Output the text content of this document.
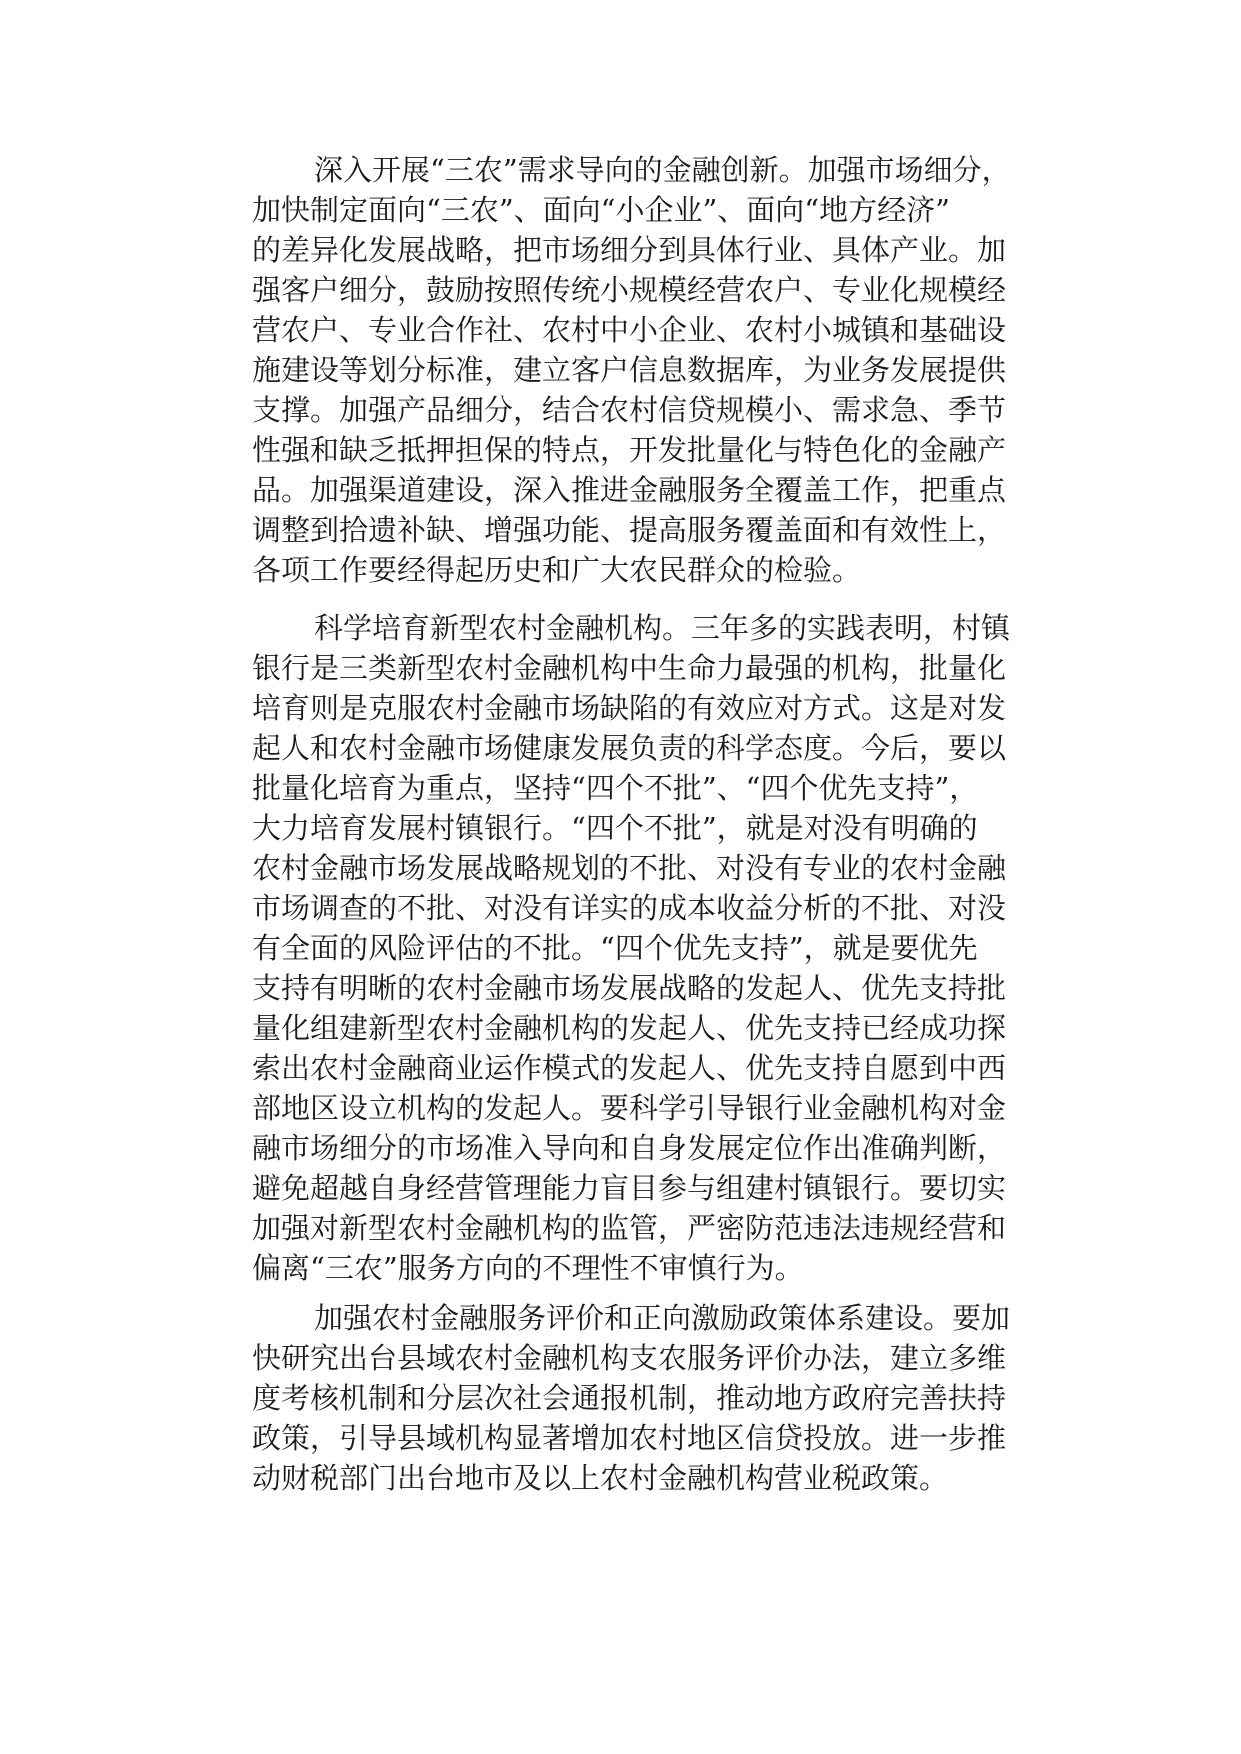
深入开展“三农”需求导向的金融创新。加强市场细分，
加快制定面向“三农”、面向“小企业”、面向“地方经济”
的差异化发展战略，把市场细分到具体行业、具体产业。加
强客户细分，鼓励按照传统小规模经营农户、专业化规模经
营农户、专业合作社、农村中小企业、农村小城镇和基础设
施建设等划分标准，建立客户信息数据库，为业务发展提供
支撑。加强产品细分，结合农村信贷规模小、需求急、季节
性强和缺乏抵押担保的特点，开发批量化与特色化的金融产
品。加强渠道建设，深入推进金融服务全覆盖工作，把重点
调整到拾遗补缺、增强功能、提高服务覆盖面和有效性上，
各项工作要经得起历史和广大农民群众的检验。
科学培育新型农村金融机构。三年多的实践表明，村镇
银行是三类新型农村金融机构中生命力最强的机构，批量化
培育则是克服农村金融市场缺陷的有效应对方式。这是对发
起人和农村金融市场健康发展负责的科学态度。今后，要以
批量化培育为重点，坚持“四个不批”、“四个优先支持”，
大力培育发展村镇银行。“四个不批”，就是对没有明确的
农村金融市场发展战略规划的不批、对没有专业的农村金融
市场调查的不批、对没有详实的成本收益分析的不批、对没
有全面的风险评估的不批。“四个优先支持”，就是要优先
支持有明晰的农村金融市场发展战略的发起人、优先支持批
量化组建新型农村金融机构的发起人、优先支持已经成功探
索出农村金融商业运作模式的发起人、优先支持自愿到中西
部地区设立机构的发起人。要科学引导银行业金融机构对金
融市场细分的市场准入导向和自身发展定位作出准确判断，
避免超越自身经营管理能力盲目参与组建村镇银行。要切实
加强对新型农村金融机构的监管，严密防范违法违规经营和
偏离“三农”服务方向的不理性不审慎行为。
加强农村金融服务评价和正向激励政策体系建设。要加
快研究出台县域农村金融机构支农服务评价办法，建立多维
度考核机制和分层次社会通报机制，推动地方政府完善扶持
政策，引导县域机构显著增加农村地区信贷投放。进一步推
动财税部门出台地市及以上农村金融机构营业税政策。
